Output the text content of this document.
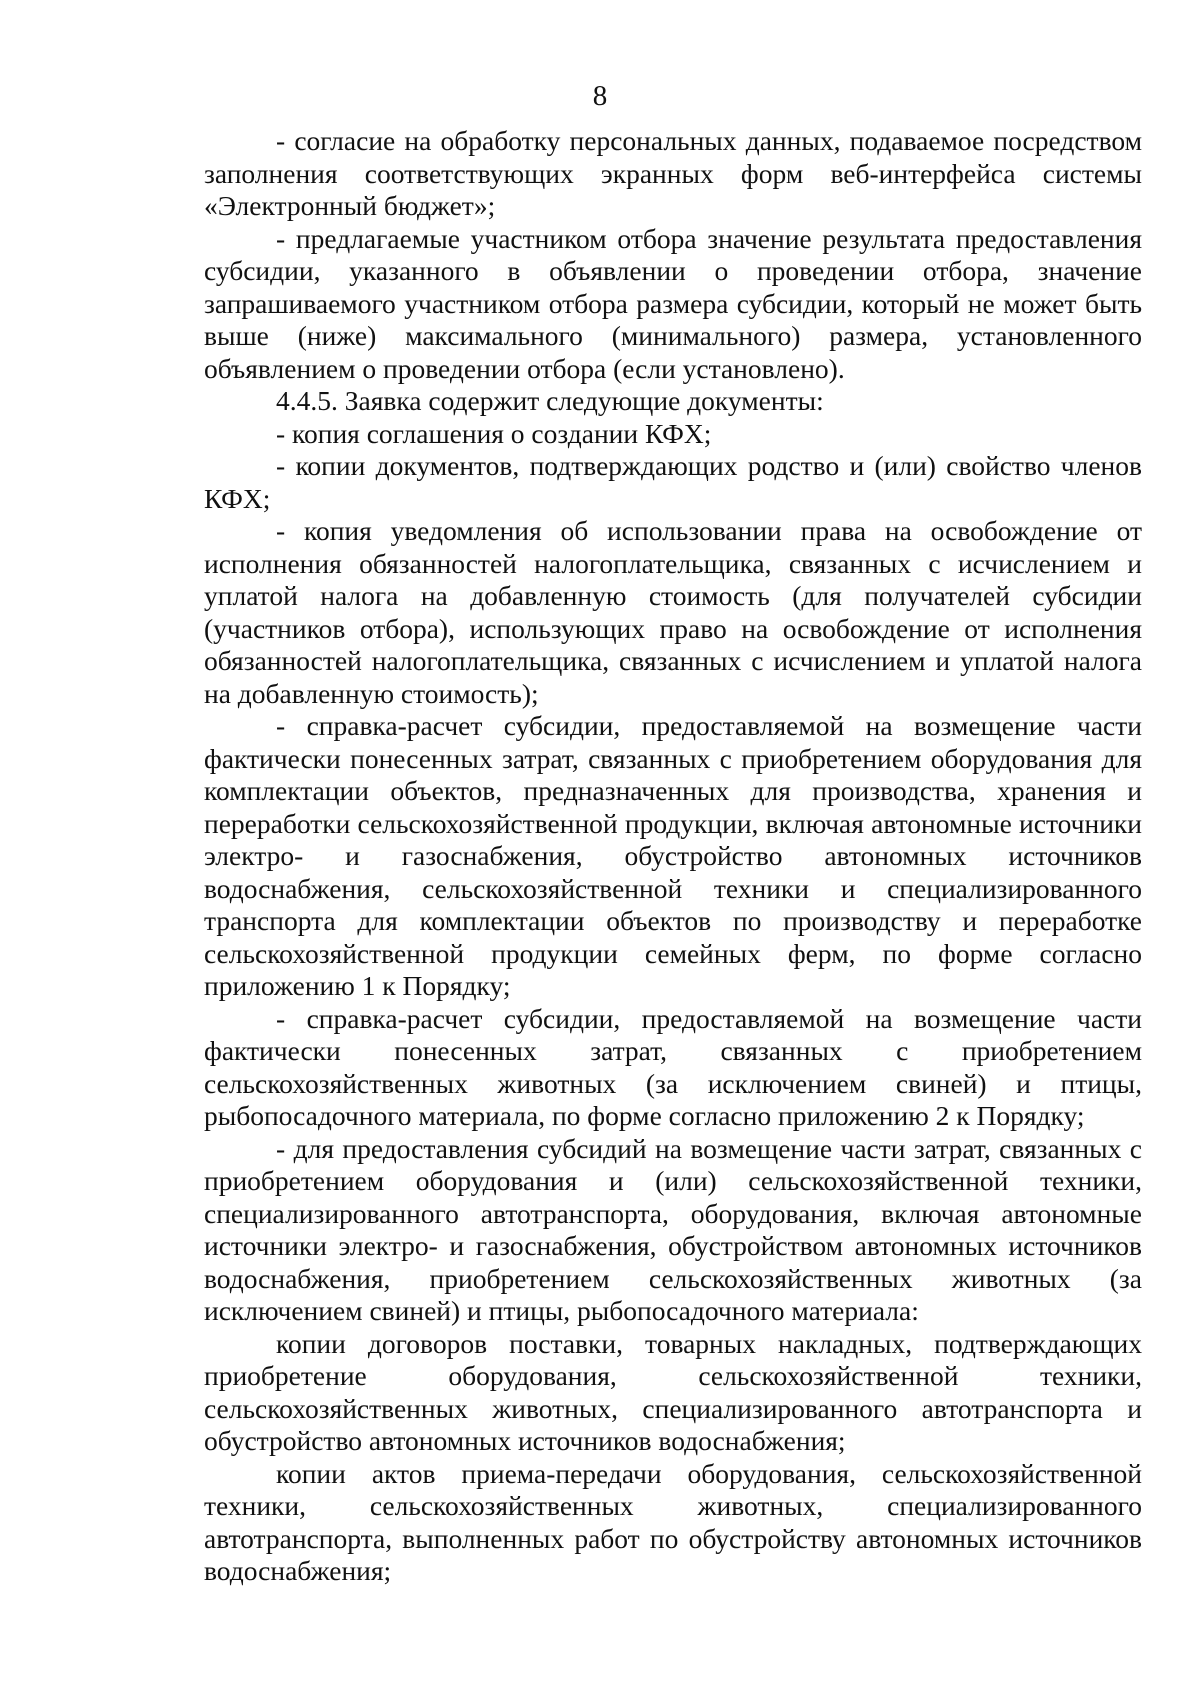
8

- согласие на обработку персональных данных, подаваемое посредством заполнения соответствующих экранных форм веб-интерфейса системы «Электронный бюджет»;

- предлагаемые участником отбора значение результата предоставления субсидии, указанного в объявлении о проведении отбора, значение запрашиваемого участником отбора размера субсидии, который не может быть выше (ниже) максимального (минимального) размера, установленного объявлением о проведении отбора (если установлено).

4.4.5. Заявка содержит следующие документы:

- копия соглашения о создании КФХ;

- копии документов, подтверждающих родство и (или) свойство членов КФХ;

- копия уведомления об использовании права на освобождение от исполнения обязанностей налогоплательщика, связанных с исчислением и уплатой налога на добавленную стоимость (для получателей субсидии (участников отбора), использующих право на освобождение от исполнения обязанностей налогоплательщика, связанных с исчислением и уплатой налога на добавленную стоимость);

- справка-расчет субсидии, предоставляемой на возмещение части фактически понесенных затрат, связанных с приобретением оборудования для комплектации объектов, предназначенных для производства, хранения и переработки сельскохозяйственной продукции, включая автономные источники электро- и газоснабжения, обустройство автономных источников водоснабжения, сельскохозяйственной техники и специализированного транспорта для комплектации объектов по производству и переработке сельскохозяйственной продукции семейных ферм, по форме согласно приложению 1 к Порядку;

- справка-расчет субсидии, предоставляемой на возмещение части фактически понесенных затрат, связанных с приобретением сельскохозяйственных животных (за исключением свиней) и птицы, рыбопосадочного материала, по форме согласно приложению 2 к Порядку;

- для предоставления субсидий на возмещение части затрат, связанных с приобретением оборудования и (или) сельскохозяйственной техники, специализированного автотранспорта, оборудования, включая автономные источники электро- и газоснабжения, обустройством автономных источников водоснабжения, приобретением сельскохозяйственных животных (за исключением свиней) и птицы, рыбопосадочного материала:

копии договоров поставки, товарных накладных, подтверждающих приобретение оборудования, сельскохозяйственной техники, сельскохозяйственных животных, специализированного автотранспорта и обустройство автономных источников водоснабжения;

копии актов приема-передачи оборудования, сельскохозяйственной техники, сельскохозяйственных животных, специализированного автотранспорта, выполненных работ по обустройству автономных источников водоснабжения;
